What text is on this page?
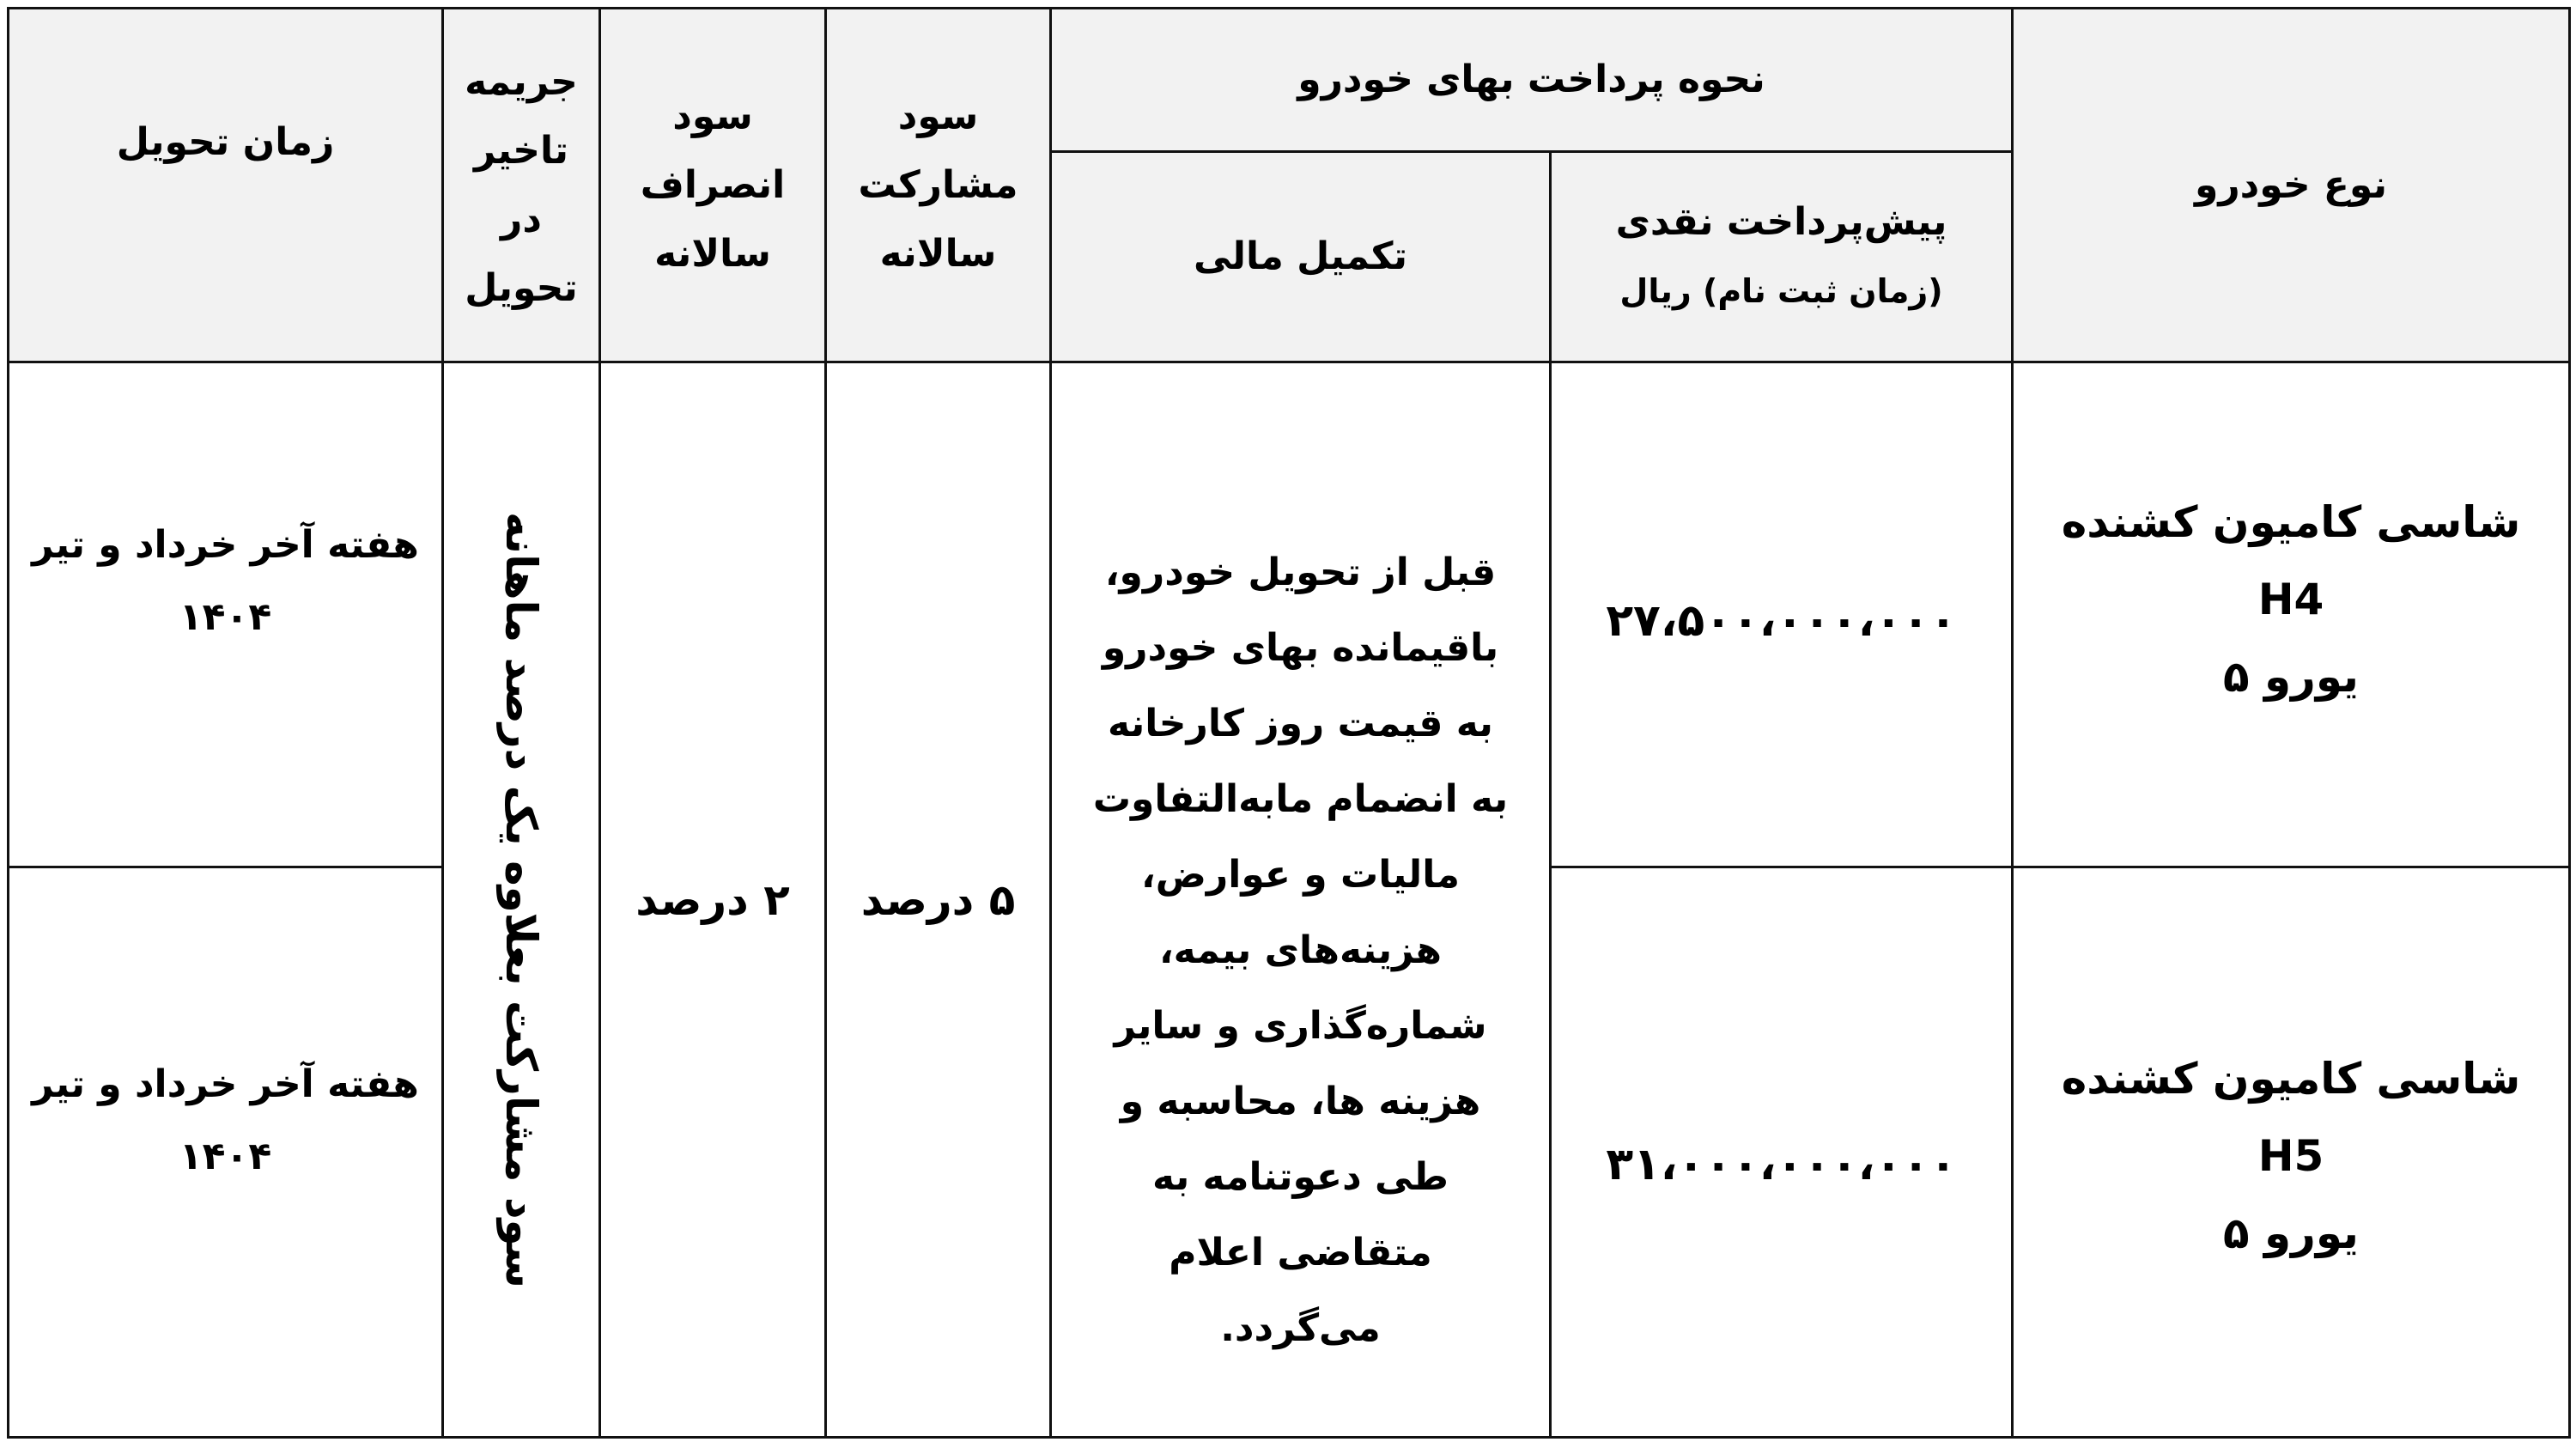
نوع خودرو
نحوه پرداخت بهای خودرو
پیش‌پرداخت نقدی
(زمان ثبت نام) ریال
تکمیل مالی
سود
مشارکت
سالانه
سود
انصراف
سالانه
جریمه
تاخیر
در
تحویل
زمان تحویل
شاسی کامیون کشنده
H4
یورو ۵
۲۷،۵۰۰،۰۰۰،۰۰۰
هفته آخر خرداد و تیر
۱۴۰۴
شاسی کامیون کشنده
H5
یورو ۵
۳۱،۰۰۰،۰۰۰،۰۰۰
هفته آخر خرداد و تیر
۱۴۰۴
قبل از تحویل خودرو، باقیمانده بهای خودرو به قیمت روز کارخانه به انضمام مابه‌التفاوت مالیات و عوارض، هزینه‌های بیمه، شماره‌گذاری و سایر هزینه ها، محاسبه و طی دعوتنامه به متقاضی اعلام می‌گردد.
۵ درصد
۲ درصد
سود مشارکت بعلاوه یک درصد ماهانه
